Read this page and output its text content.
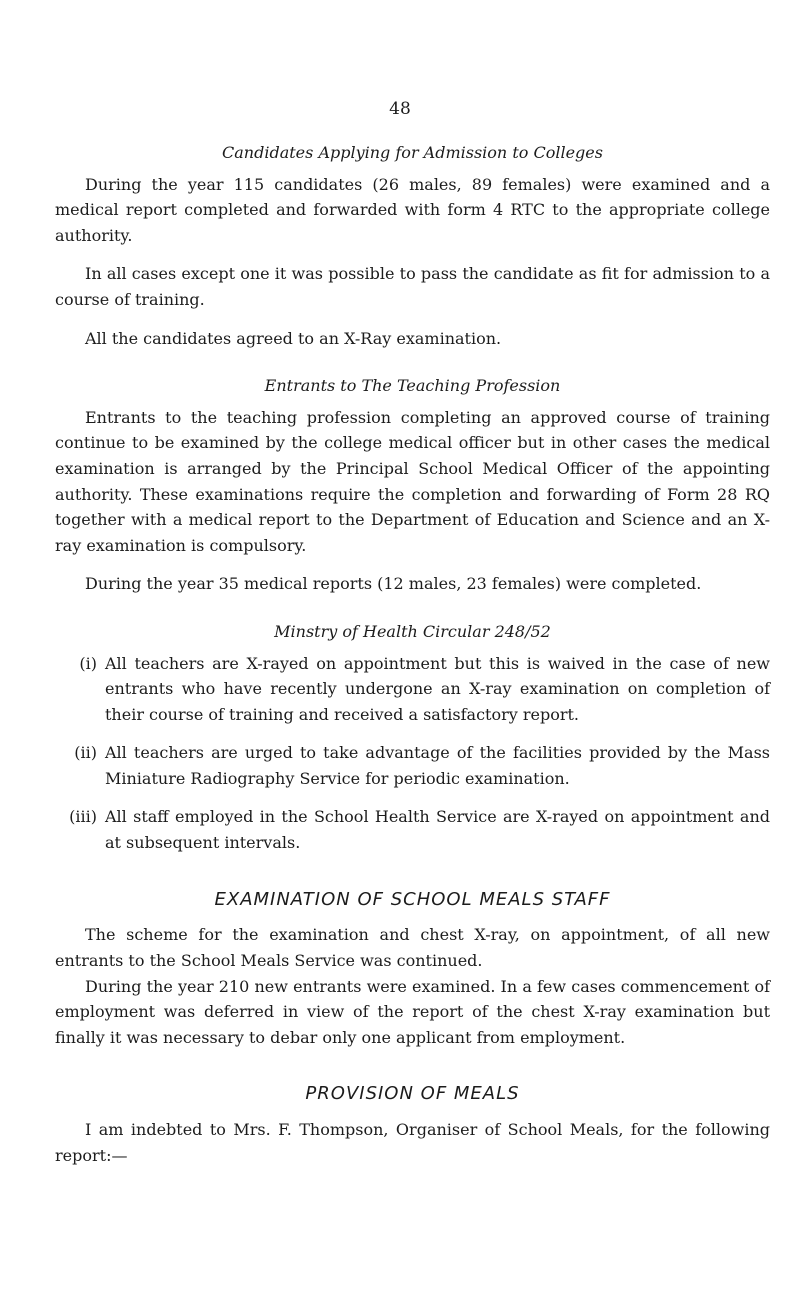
48

Candidates Applying for Admission to Colleges

During the year 115 candidates (26 males, 89 females) were examined and a medical report completed and forwarded with form 4 RTC to the appropriate college authority.

In all cases except one it was possible to pass the candidate as fit for admission to a course of training.

All the candidates agreed to an X-Ray examination.

Entrants to The Teaching Profession

Entrants to the teaching profession completing an approved course of training continue to be examined by the college medical officer but in other cases the medical examination is arranged by the Principal School Medical Officer of the appointing authority. These examinations require the completion and forwarding of Form 28 RQ together with a medical report to the Department of Education and Science and an X-ray examination is compulsory.

During the year 35 medical reports (12 males, 23 females) were completed.

Minstry of Health Circular 248/52

(i) All teachers are X-rayed on appointment but this is waived in the case of new entrants who have recently undergone an X-ray examination on completion of their course of training and received a satisfactory report.
(ii) All teachers are urged to take advantage of the facilities provided by the Mass Miniature Radiography Service for periodic examination.
(iii) All staff employed in the School Health Service are X-rayed on appointment and at subsequent intervals.

EXAMINATION OF SCHOOL MEALS STAFF

The scheme for the examination and chest X-ray, on appointment, of all new entrants to the School Meals Service was continued.

During the year 210 new entrants were examined. In a few cases commencement of employment was deferred in view of the report of the chest X-ray examination but finally it was necessary to debar only one applicant from employment.

PROVISION OF MEALS

I am indebted to Mrs. F. Thompson, Organiser of School Meals, for the following report:—
